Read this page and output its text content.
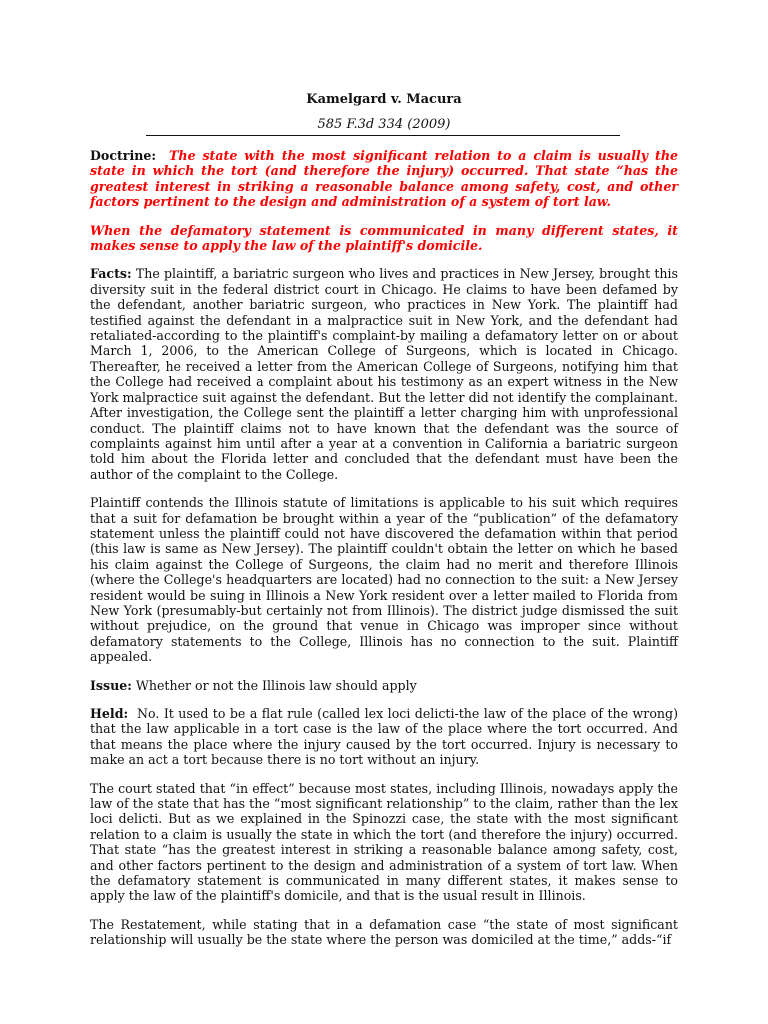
Kamelgard v. Macura
585 F.3d 334 (2009)

Doctrine: The state with the most significant relation to a claim is usually the state in which the tort (and therefore the injury) occurred. That state “has the greatest interest in striking a reasonable balance among safety, cost, and other factors pertinent to the design and administration of a system of tort law.

When the defamatory statement is communicated in many different states, it makes sense to apply the law of the plaintiff's domicile.

Facts: The plaintiff, a bariatric surgeon who lives and practices in New Jersey, brought this diversity suit in the federal district court in Chicago. He claims to have been defamed by the defendant, another bariatric surgeon, who practices in New York. The plaintiff had testified against the defendant in a malpractice suit in New York, and the defendant had retaliated-according to the plaintiff's complaint-by mailing a defamatory letter on or about March 1, 2006, to the American College of Surgeons, which is located in Chicago. Thereafter, he received a letter from the American College of Surgeons, notifying him that the College had received a complaint about his testimony as an expert witness in the New York malpractice suit against the defendant. But the letter did not identify the complainant. After investigation, the College sent the plaintiff a letter charging him with unprofessional conduct. The plaintiff claims not to have known that the defendant was the source of complaints against him until after a year at a convention in California a bariatric surgeon told him about the Florida letter and concluded that the defendant must have been the author of the complaint to the College.

Plaintiff contends the Illinois statute of limitations is applicable to his suit which requires that a suit for defamation be brought within a year of the “publication” of the defamatory statement unless the plaintiff could not have discovered the defamation within that period (this law is same as New Jersey). The plaintiff couldn't obtain the letter on which he based his claim against the College of Surgeons, the claim had no merit and therefore Illinois (where the College's headquarters are located) had no connection to the suit: a New Jersey resident would be suing in Illinois a New York resident over a letter mailed to Florida from New York (presumably-but certainly not from Illinois). The district judge dismissed the suit without prejudice, on the ground that venue in Chicago was improper since without defamatory statements to the College, Illinois has no connection to the suit. Plaintiff appealed.

Issue: Whether or not the Illinois law should apply

Held: No. It used to be a flat rule (called lex loci delicti-the law of the place of the wrong) that the law applicable in a tort case is the law of the place where the tort occurred. And that means the place where the injury caused by the tort occurred. Injury is necessary to make an act a tort because there is no tort without an injury.

The court stated that “in effect” because most states, including Illinois, nowadays apply the law of the state that has the “most significant relationship” to the claim, rather than the lex loci delicti. But as we explained in the Spinozzi case, the state with the most significant relation to a claim is usually the state in which the tort (and therefore the injury) occurred. That state “has the greatest interest in striking a reasonable balance among safety, cost, and other factors pertinent to the design and administration of a system of tort law. When the defamatory statement is communicated in many different states, it makes sense to apply the law of the plaintiff's domicile, and that is the usual result in Illinois.

The Restatement, while stating that in a defamation case “the state of most significant relationship will usually be the state where the person was domiciled at the time,” adds-“if
